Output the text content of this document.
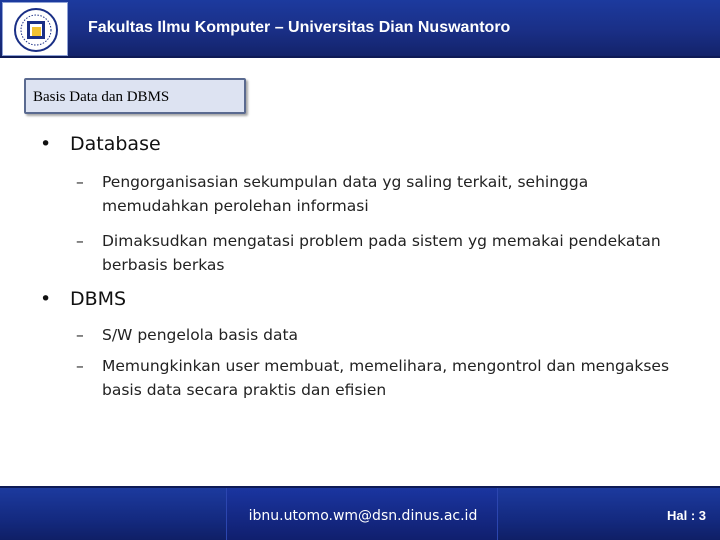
Fakultas Ilmu Komputer – Universitas Dian Nuswantoro
Basis Data dan DBMS
• Database
– Pengorganisasian sekumpulan data yg saling terkait, sehingga memudahkan perolehan informasi
– Dimaksudkan mengatasi problem pada sistem yg memakai pendekatan berbasis berkas
• DBMS
– S/W pengelola basis data
– Memungkinkan user membuat, memelihara, mengontrol dan mengakses basis data secara praktis dan efisien
ibnu.utomo.wm@dsn.dinus.ac.id	Hal : 3
